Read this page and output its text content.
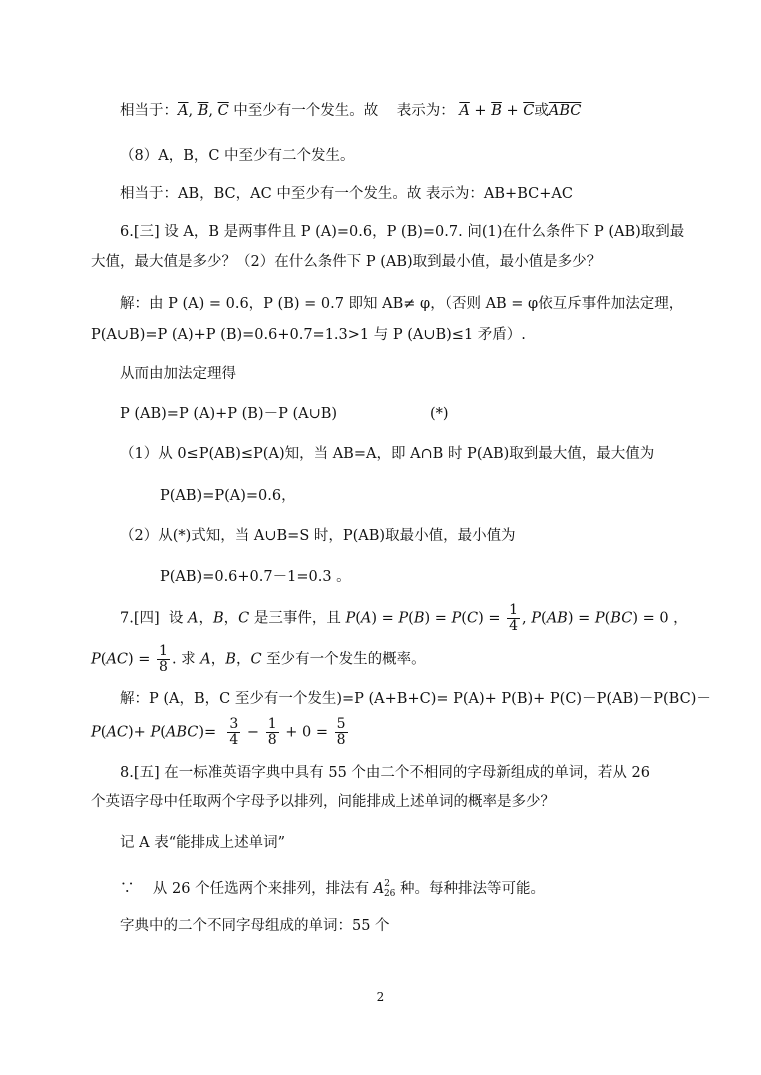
相当于：$\overline{A}$, $\overline{B}$, $\overline{C}$ 中至少有一个发生。故    表示为： $\overline{A} + \overline{B} + \overline{C}$或$\overline{ABC}$
（8）A，B，C 中至少有二个发生。
相当于：AB，BC，AC 中至少有一个发生。故 表示为：AB+BC+AC
6.[三] 设 A，B 是两事件且 P (A)=0.6，P (B)=0.7. 问(1)在什么条件下 P (AB)取到最
大值，最大值是多少？（2）在什么条件下 P (AB)取到最小值，最小值是多少？
解：由 P (A) = 0.6，P (B) = 0.7 即知 AB≠ φ，（否则 AB = φ依互斥事件加法定理，
P(A∪B)=P (A)+P (B)=0.6+0.7=1.3>1 与 P (A∪B)≤1 矛盾）.
从而由加法定理得
P (AB)=P (A)+P (B)－P (A∪B)	(*)
（1）从 0≤P(AB)≤P(A)知，当 AB=A，即 A∩B 时 P(AB)取到最大值，最大值为
P(AB)=P(A)=0.6，
（2）从(*)式知，当 A∪B=S 时，P(AB)取最小值，最小值为
P(AB)=0.6+0.7－1=0.3 。
7.[四]  设 A，B，C 是三事件，且 $P(A) = P(B) = P(C) = \frac{1}{4}$ , P(AB) = P(BC) = 0 ，
$P(AC) = \frac{1}{8}$ . 求 A，B，C 至少有一个发生的概率。
解：P (A，B，C 至少有一个发生)=P (A+B+C)= P(A)+ P(B)+ P(C)－P(AB)－P(BC)－
$P(AC)+ P(ABC)= \frac{3}{4} - \frac{1}{8} + 0 = \frac{5}{8}$
8.[五] 在一标准英语字典中具有 55 个由二个不相同的字母新组成的单词，若从 26
个英语字母中任取两个字母予以排列，问能排成上述单词的概率是多少？
记 A 表“能排成上述单词”
∵    从 26 个任选两个来排列，排法有 $A^2_{26}$ 种。每种排法等可能。
字典中的二个不同字母组成的单词：55 个
2
